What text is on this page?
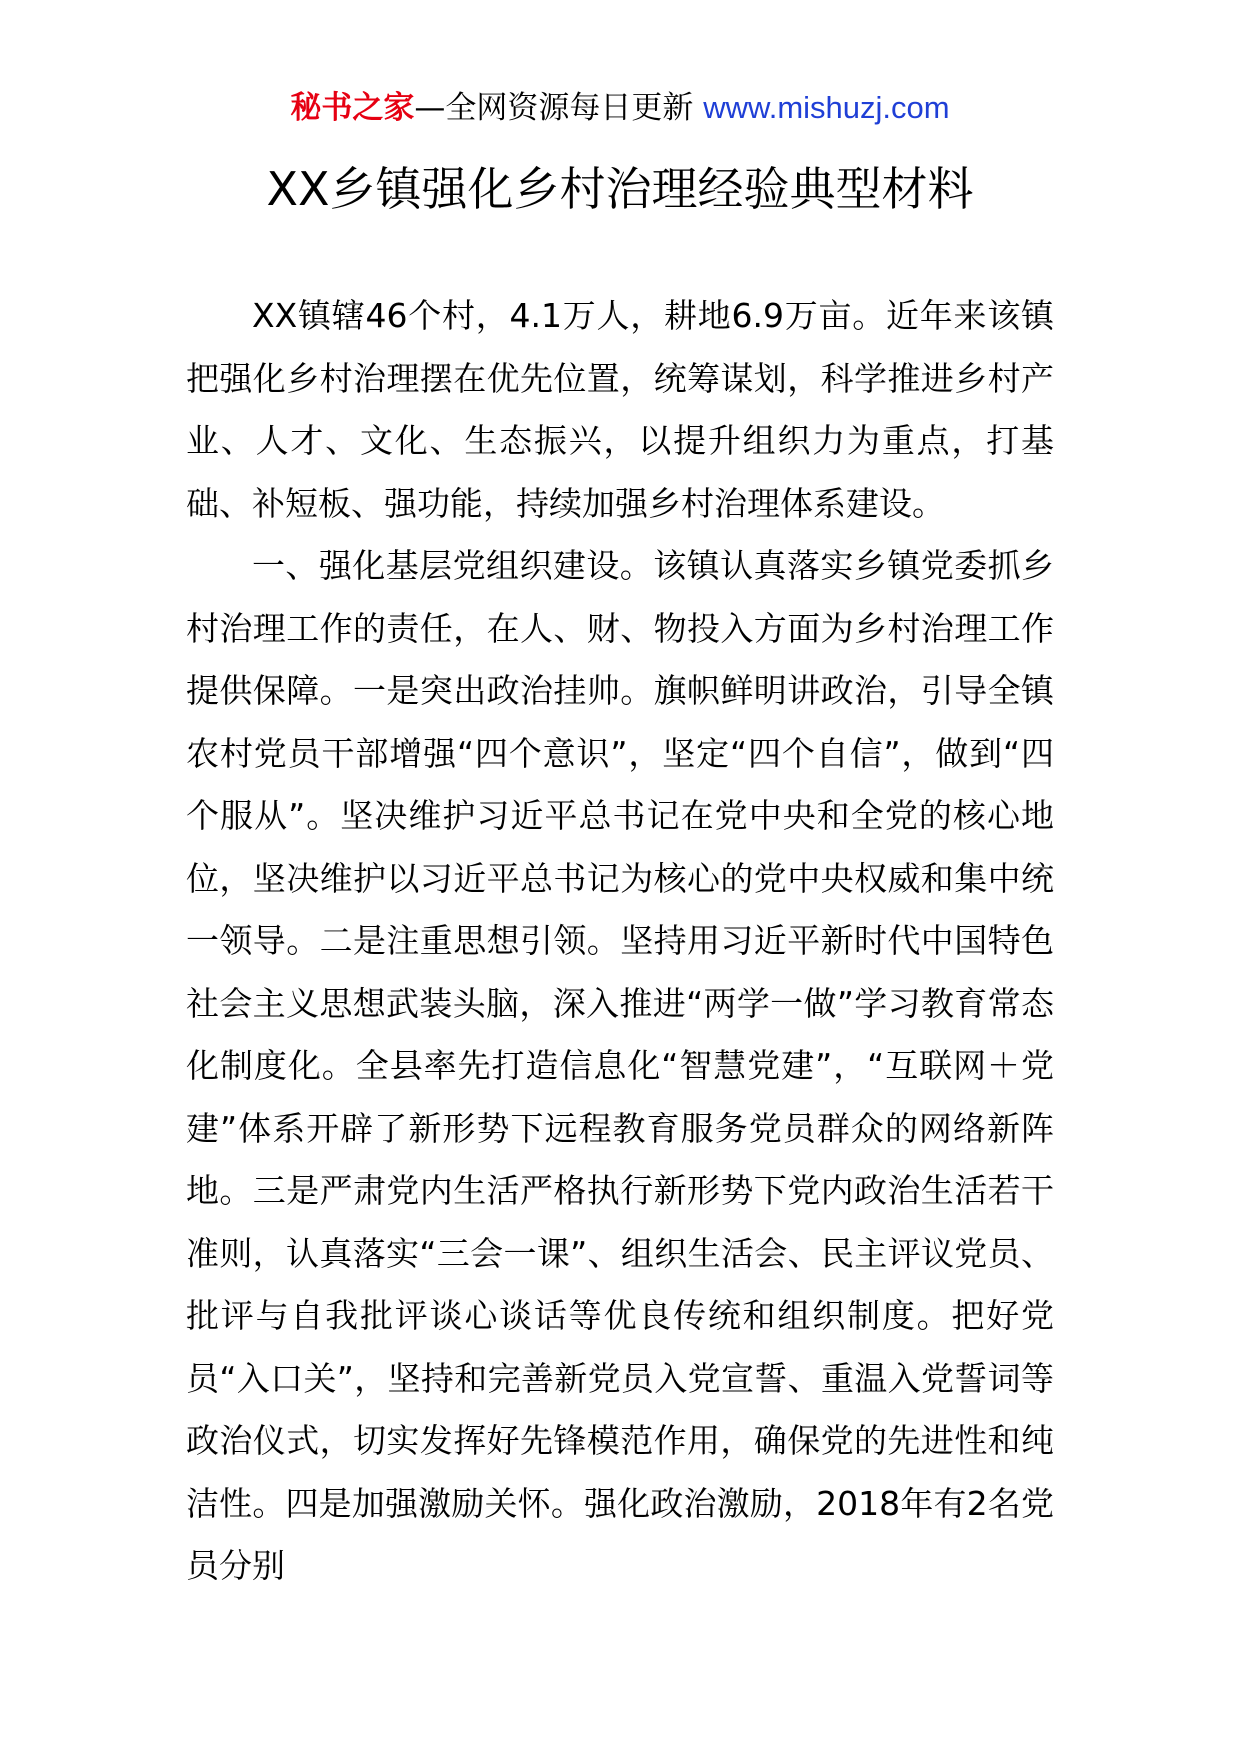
秘书之家—全网资源每日更新 www.mishuzj.com
XX乡镇强化乡村治理经验典型材料

XX镇辖46个村，4.1万人，耕地6.9万亩。近年来该镇把强化乡村治理摆在优先位置，统筹谋划，科学推进乡村产业、人才、文化、生态振兴，以提升组织力为重点，打基础、补短板、强功能，持续加强乡村治理体系建设。

一、强化基层党组织建设。该镇认真落实乡镇党委抓乡村治理工作的责任，在人、财、物投入方面为乡村治理工作提供保障。一是突出政治挂帅。旗帜鲜明讲政治，引导全镇农村党员干部增强“四个意识”，坚定“四个自信”，做到“四个服从”。坚决维护习近平总书记在党中央和全党的核心地位，坚决维护以习近平总书记为核心的党中央权威和集中统一领导。二是注重思想引领。坚持用习近平新时代中国特色社会主义思想武装头脑，深入推进“两学一做”学习教育常态化制度化。全县率先打造信息化“智慧党建”，“互联网＋党建”体系开辟了新形势下远程教育服务党员群众的网络新阵地。三是严肃党内生活严格执行新形势下党内政治生活若干准则，认真落实“三会一课”、组织生活会、民主评议党员、批评与自我批评谈心谈话等优良传统和组织制度。把好党员“入口关”，坚持和完善新党员入党宣誓、重温入党誓词等政治仪式，切实发挥好先锋模范作用，确保党的先进性和纯洁性。四是加强激励关怀。强化政治激励，2018年有2名党员分别
